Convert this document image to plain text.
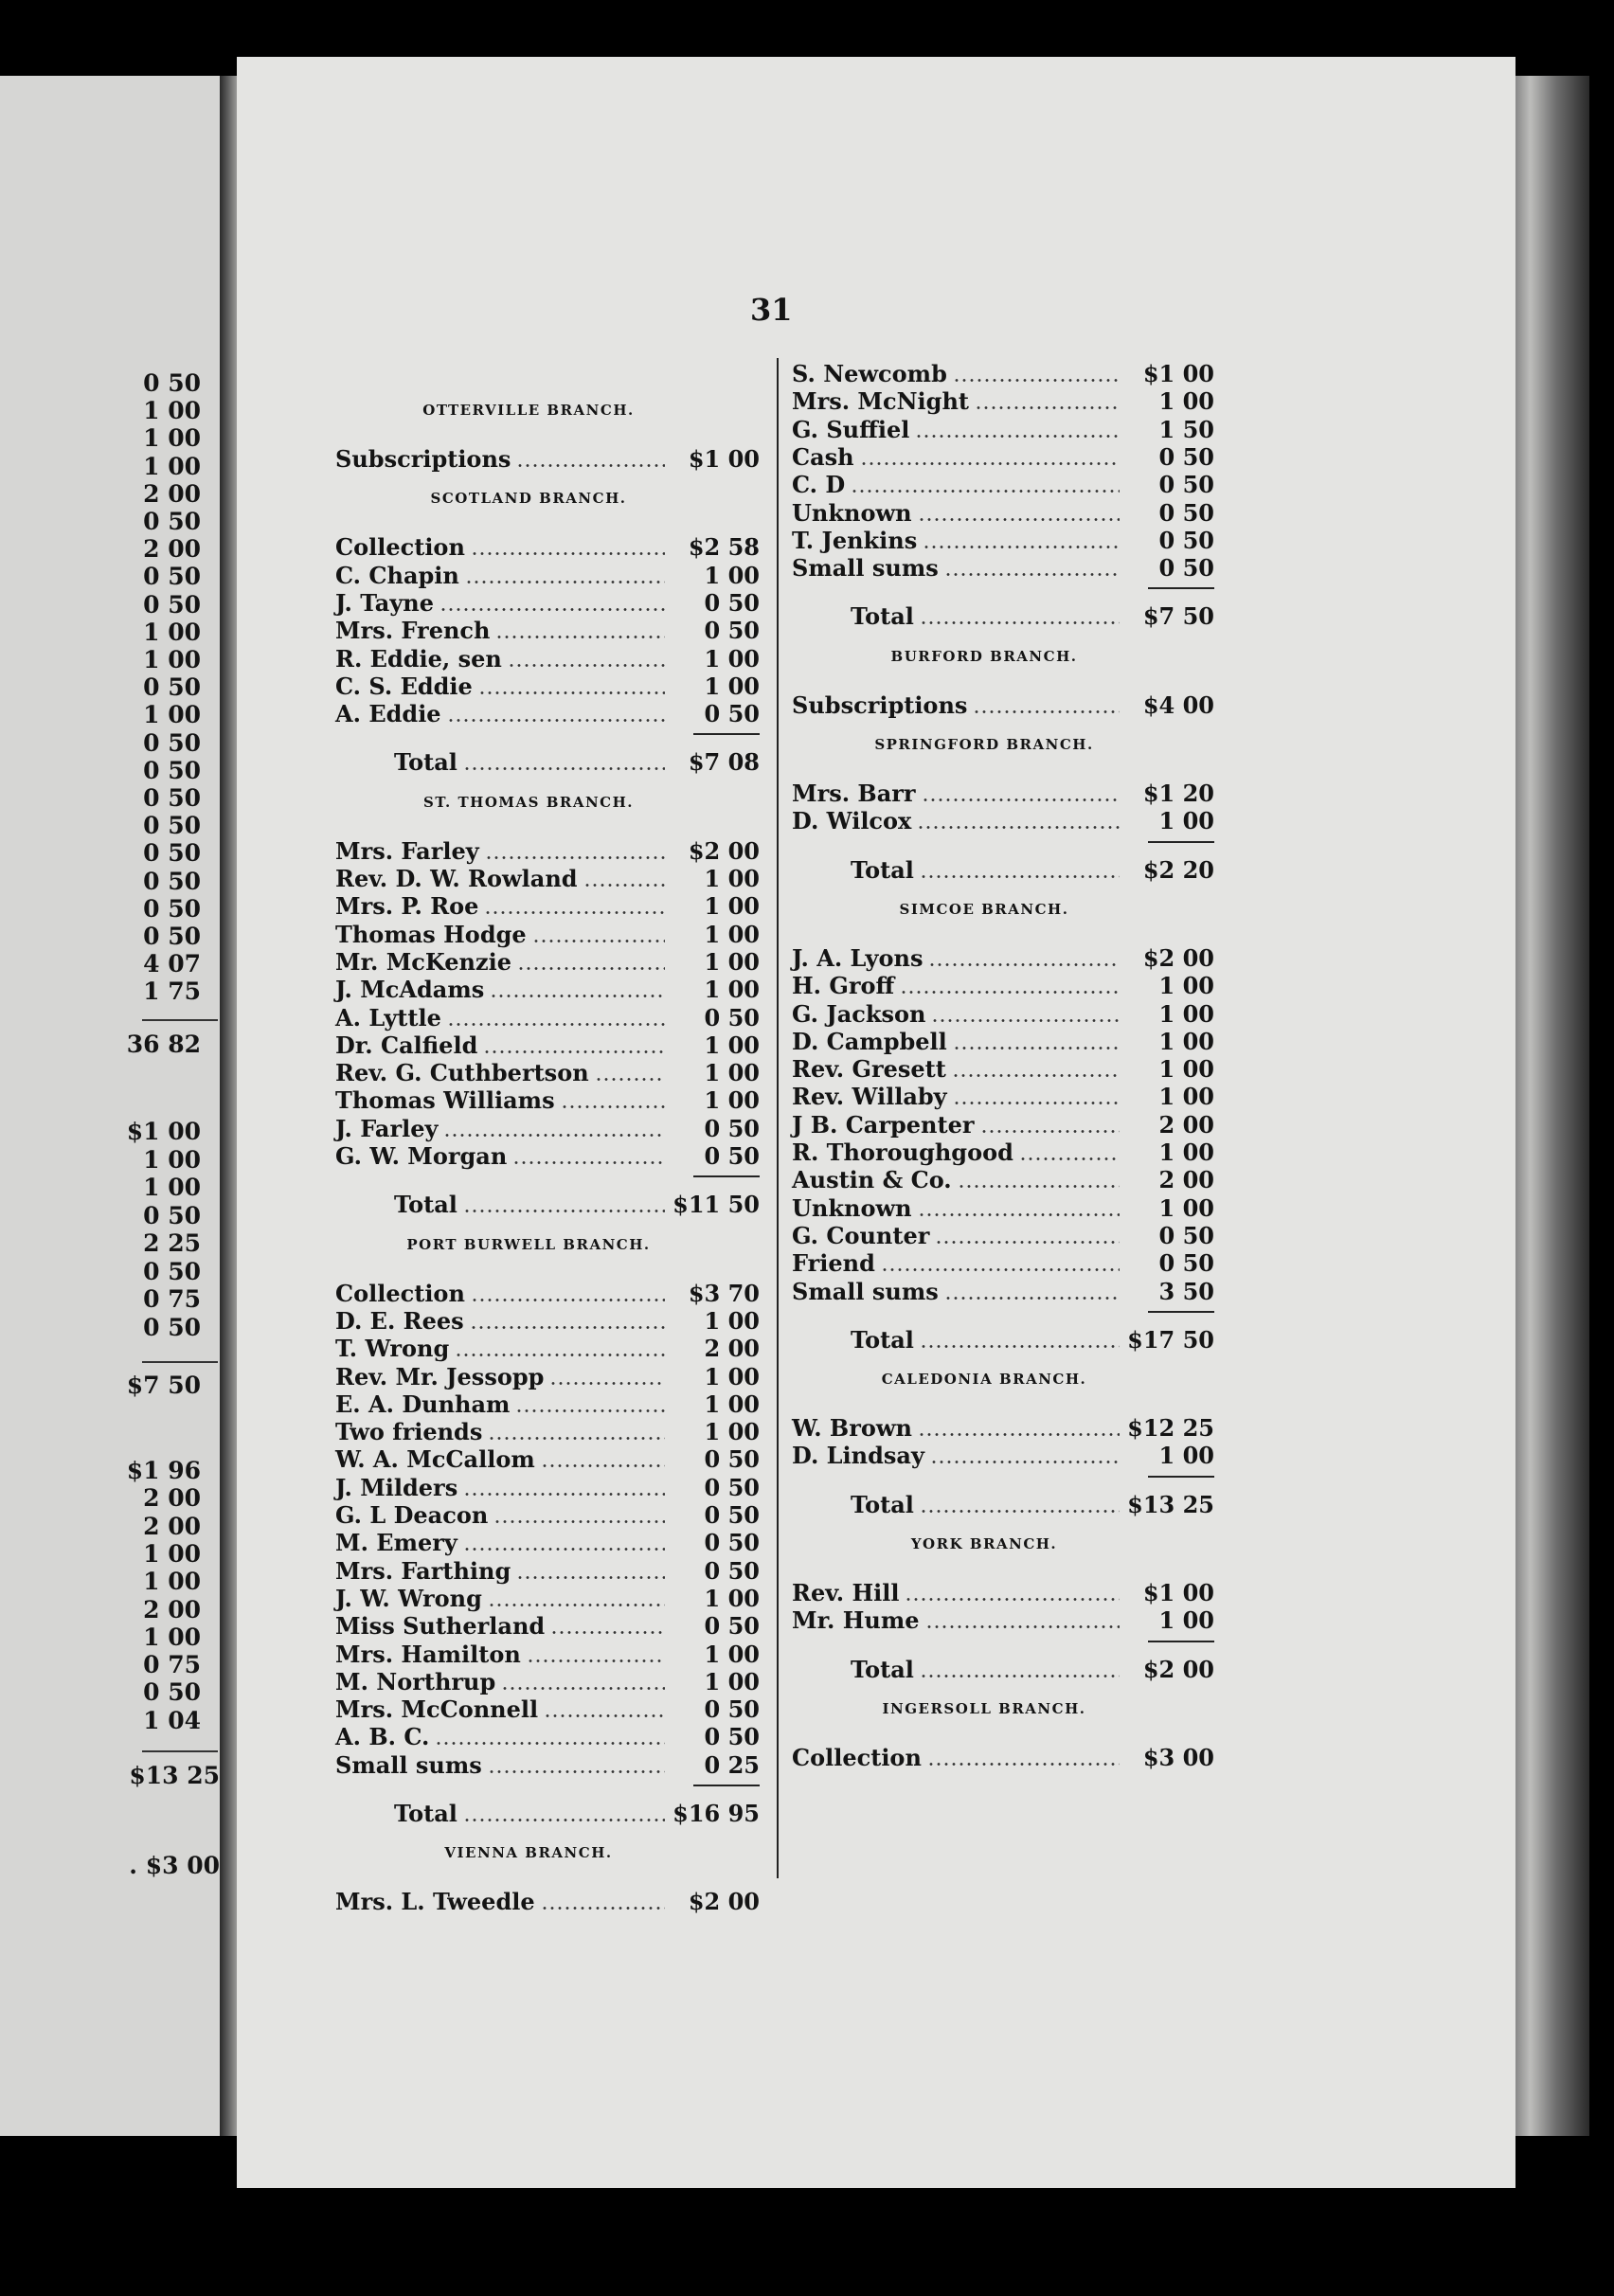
0 50
1 00
1 00
1 00
2 00
0 50
2 00
0 50
0 50
1 00
1 00
0 50
1 00
0 50
0 50
0 50
0 50
0 50
0 50
0 50
0 50
4 07
1 75
36 82
$1 00
1 00
1 00
0 50
2 25
0 50
0 75
0 50
$7 50
$1 96
2 00
2 00
1 00
1 00
2 00
1 00
0 75
0 50
1 04
$13 25
. $3 00
31
OTTERVILLE BRANCH.
Subscriptions	$1 00
SCOTLAND BRANCH.
Collection	$2 58
C. Chapin	1 00
J. Tayne	0 50
Mrs. French	0 50
R. Eddie, sen	1 00
C. S. Eddie	1 00
A. Eddie	0 50
Total	$7 08
ST. THOMAS BRANCH.
Mrs. Farley	$2 00
Rev. D. W. Rowland	1 00
Mrs. P. Roe	1 00
Thomas Hodge	1 00
Mr. McKenzie	1 00
J. McAdams	1 00
A. Lyttle	0 50
Dr. Calfield	1 00
Rev. G. Cuthbertson	1 00
Thomas Williams	1 00
J. Farley	0 50
G. W. Morgan	0 50
Total	$11 50
PORT BURWELL BRANCH.
Collection	$3 70
D. E. Rees	1 00
T. Wrong	2 00
Rev. Mr. Jessopp	1 00
E. A. Dunham	1 00
Two friends	1 00
W. A. McCallom	0 50
J. Milders	0 50
G. L Deacon	0 50
M. Emery	0 50
Mrs. Farthing	0 50
J. W. Wrong	1 00
Miss Sutherland	0 50
Mrs. Hamilton	1 00
M. Northrup	1 00
Mrs. McConnell	0 50
A. B. C.	0 50
Small sums	0 25
Total	$16 95
VIENNA BRANCH.
Mrs. L. Tweedle	$2 00
S. Newcomb	$1 00
Mrs. McNight	1 00
G. Suffiel	1 50
Cash	0 50
C. D	0 50
Unknown	0 50
T. Jenkins	0 50
Small sums	0 50
Total	$7 50
BURFORD BRANCH.
Subscriptions	$4 00
SPRINGFORD BRANCH.
Mrs. Barr	$1 20
D. Wilcox	1 00
Total	$2 20
SIMCOE BRANCH.
J. A. Lyons	$2 00
H. Groff	1 00
G. Jackson	1 00
D. Campbell	1 00
Rev. Gresett	1 00
Rev. Willaby	1 00
J B. Carpenter	2 00
R. Thoroughgood	1 00
Austin & Co.	2 00
Unknown	1 00
G. Counter	0 50
Friend	0 50
Small sums	3 50
Total	$17 50
CALEDONIA BRANCH.
W. Brown	$12 25
D. Lindsay	1 00
Total	$13 25
YORK BRANCH.
Rev. Hill	$1 00
Mr. Hume	1 00
Total	$2 00
INGERSOLL BRANCH.
Collection	$3 00
